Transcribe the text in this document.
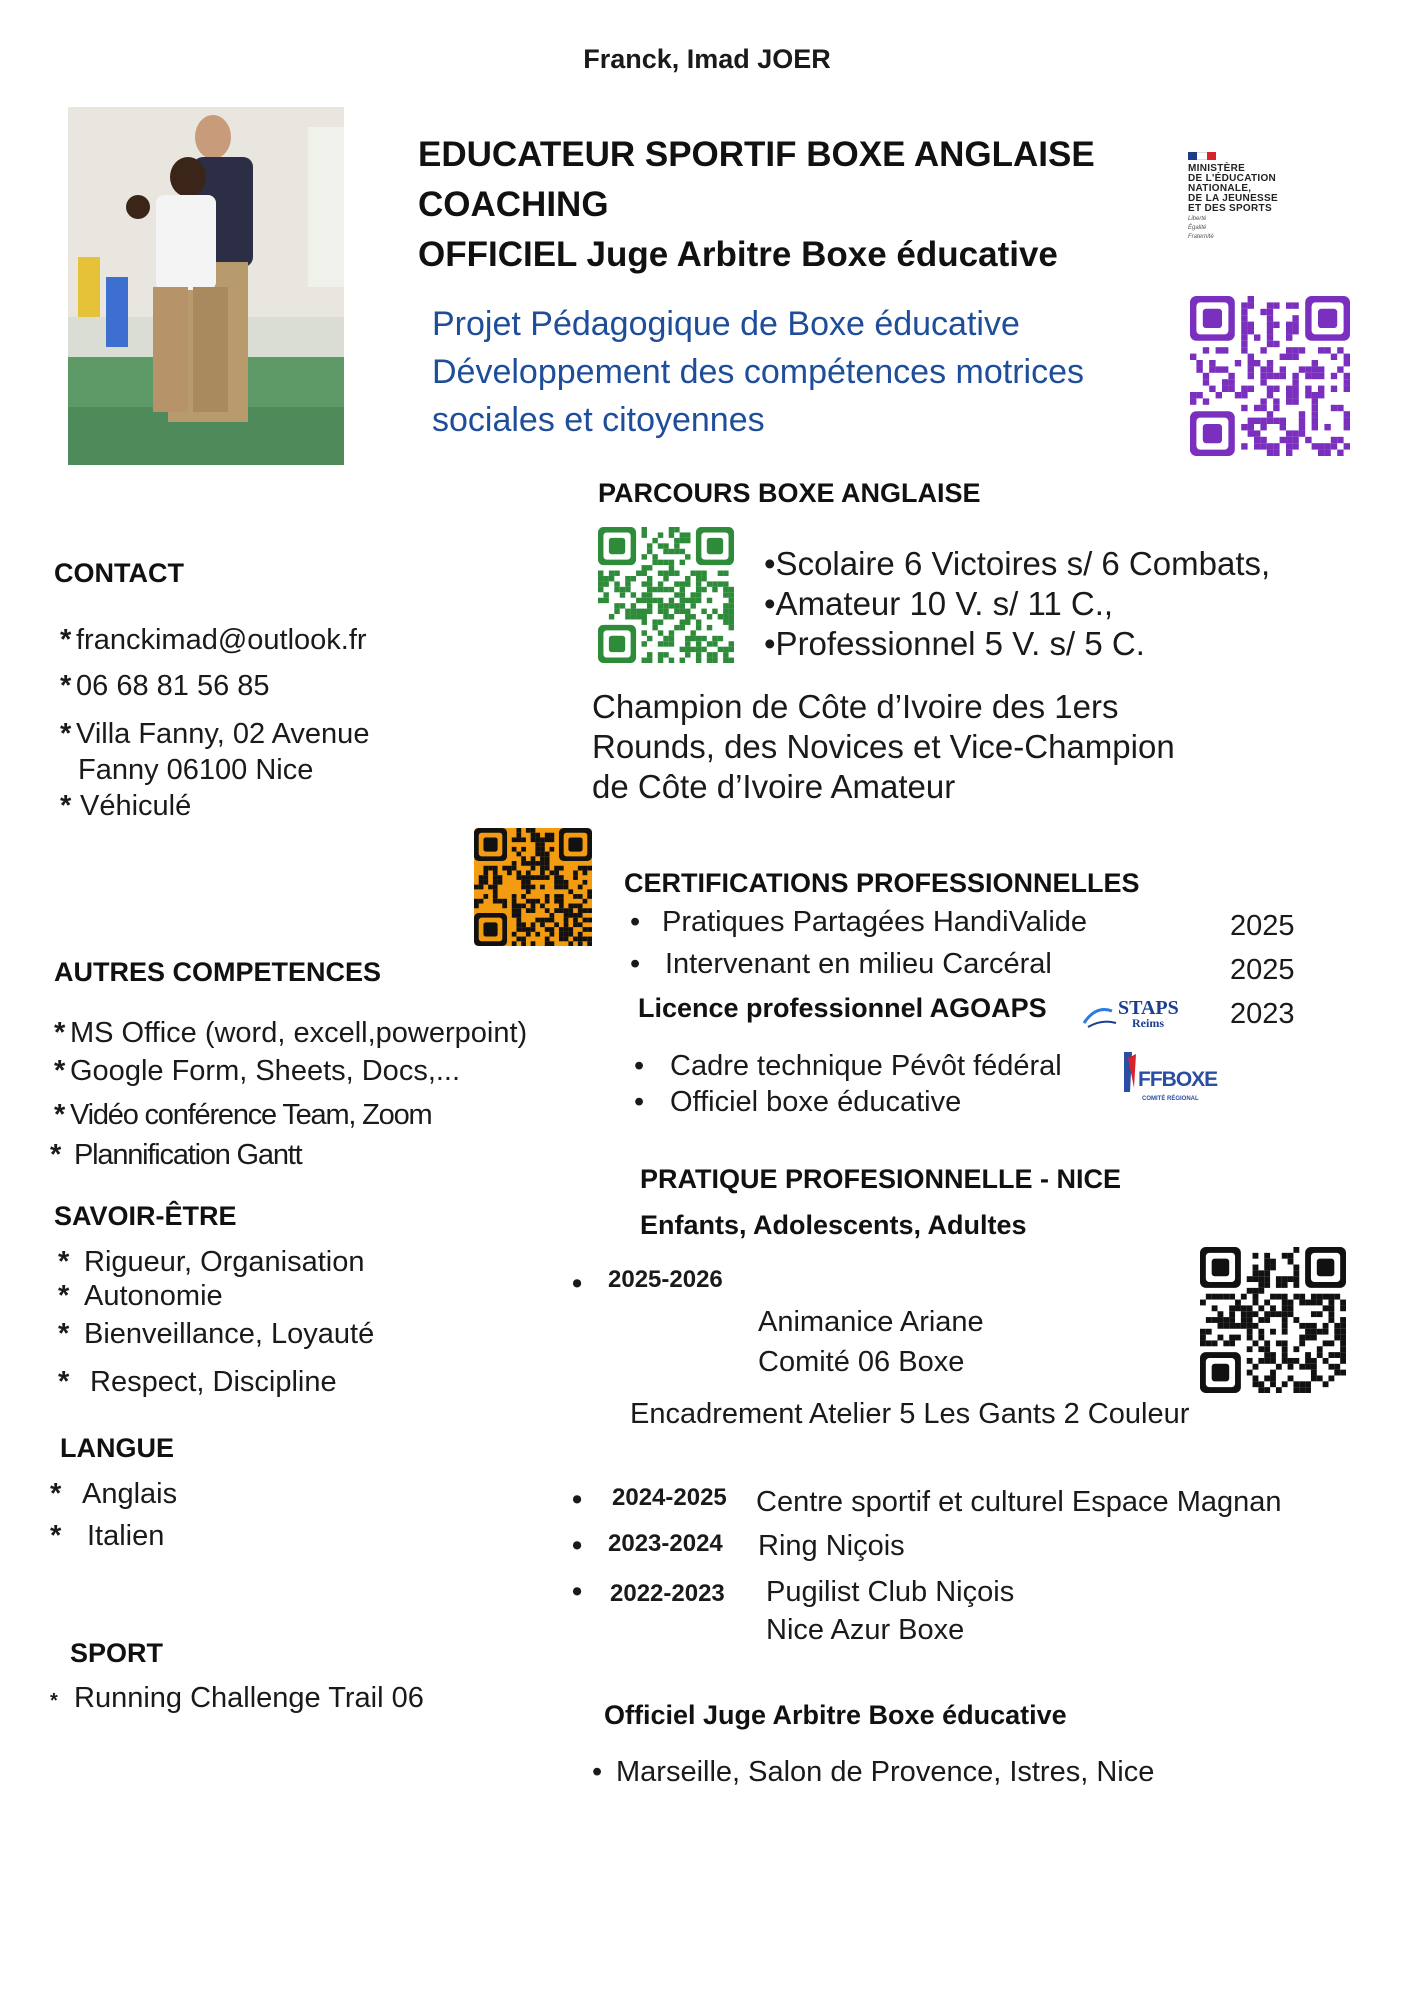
Franck, Imad JOER
EDUCATEUR SPORTIF BOXE ANGLAISE
COACHING
OFFICIEL Juge Arbitre Boxe éducative
MINISTÈRE
DE L'ÉDUCATION
NATIONALE,
DE LA JEUNESSE
ET DES SPORTS
Liberté
Égalité
Fraternité
Projet Pédagogique de Boxe éducative
Développement des compétences motrices
sociales et citoyennes
PARCOURS BOXE ANGLAISE
•Scolaire 6 Victoires s/ 6 Combats,
•Amateur 10 V. s/ 11 C.,
•Professionnel 5 V. s/ 5 C.
Champion de Côte d’Ivoire des 1ers
Rounds, des Novices et Vice-Champion
de Côte d’Ivoire Amateur
CONTACT
* franckimad@outlook.fr
* 06 68 81 56 85
* Villa Fanny, 02 Avenue
Fanny 06100 Nice
* Véhiculé
CERTIFICATIONS PROFESSIONNELLES
• Pratiques Partagées HandiValide	2025
• Intervenant en milieu Carcéral	2025
Licence professionnel AGOAPS	2023
STAPS
Reims
• Cadre technique Pévôt fédéral
• Officiel boxe éducative
FFBOXE
COMITÉ RÉGIONAL
AUTRES COMPETENCES
* MS Office (word, excell,powerpoint)
* Google Form, Sheets, Docs,...
* Vidéo conférence Team, Zoom
* Plannification Gantt
SAVOIR-ÊTRE
* Rigueur, Organisation
* Autonomie
* Bienveillance, Loyauté
* Respect, Discipline
LANGUE
* Anglais
* Italien
SPORT
* Running Challenge Trail 06
PRATIQUE PROFESIONNELLE - NICE
Enfants, Adolescents, Adultes
• 2025-2026
Animanice Ariane
Comité 06 Boxe
Encadrement Atelier 5 Les Gants 2 Couleur
• 2024-2025 Centre sportif et culturel Espace Magnan
• 2023-2024 Ring Niçois
• 2022-2023 Pugilist Club Niçois
Nice Azur Boxe
Officiel Juge Arbitre Boxe éducative
• Marseille, Salon de Provence, Istres, Nice
